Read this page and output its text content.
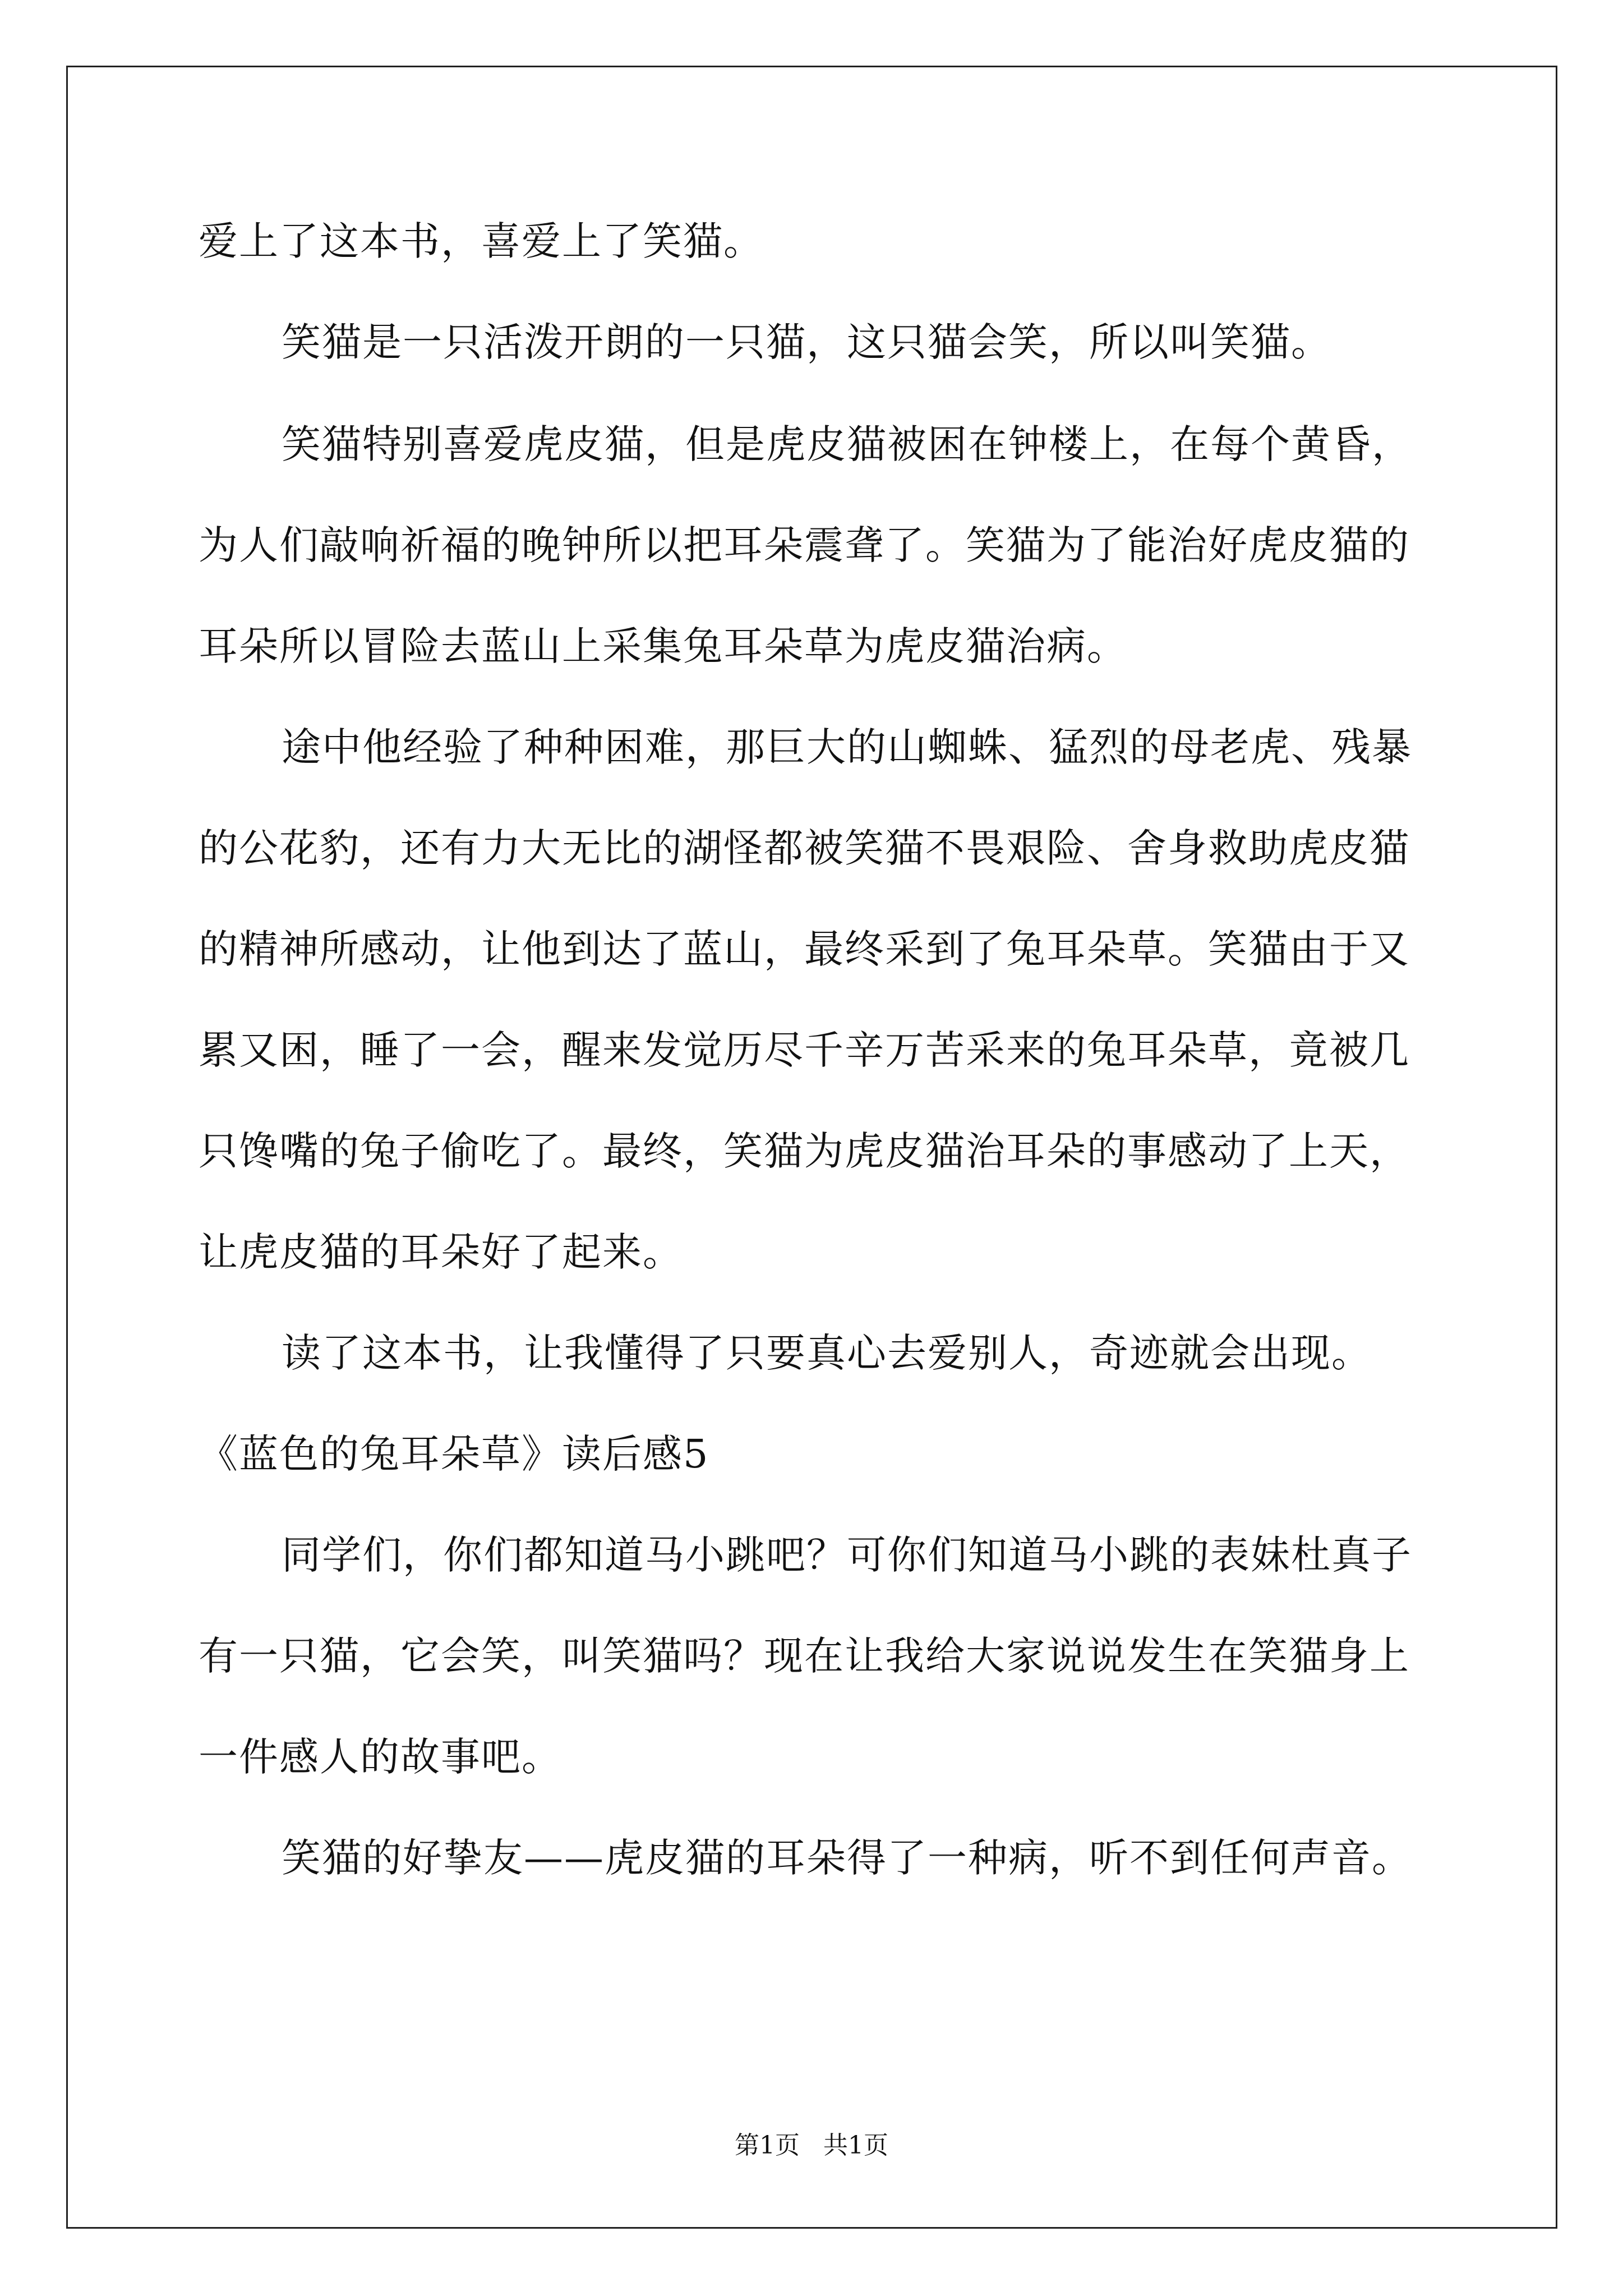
爱上了这本书，喜爱上了笑猫。
笑猫是一只活泼开朗的一只猫，这只猫会笑，所以叫笑猫。
笑猫特别喜爱虎皮猫，但是虎皮猫被困在钟楼上，在每个黄昏，
为人们敲响祈福的晚钟所以把耳朵震聋了。笑猫为了能治好虎皮猫的
耳朵所以冒险去蓝山上采集兔耳朵草为虎皮猫治病。
途中他经验了种种困难，那巨大的山蜘蛛、猛烈的母老虎、残暴
的公花豹，还有力大无比的湖怪都被笑猫不畏艰险、舍身救助虎皮猫
的精神所感动，让他到达了蓝山，最终采到了兔耳朵草。笑猫由于又
累又困，睡了一会，醒来发觉历尽千辛万苦采来的兔耳朵草，竟被几
只馋嘴的兔子偷吃了。最终，笑猫为虎皮猫治耳朵的事感动了上天，
让虎皮猫的耳朵好了起来。
读了这本书，让我懂得了只要真心去爱别人，奇迹就会出现。
《蓝色的兔耳朵草》读后感5
同学们，你们都知道马小跳吧？可你们知道马小跳的表妹杜真子
有一只猫，它会笑，叫笑猫吗？现在让我给大家说说发生在笑猫身上
一件感人的故事吧。
笑猫的好挚友——虎皮猫的耳朵得了一种病，听不到任何声音。
第1页   共1页
